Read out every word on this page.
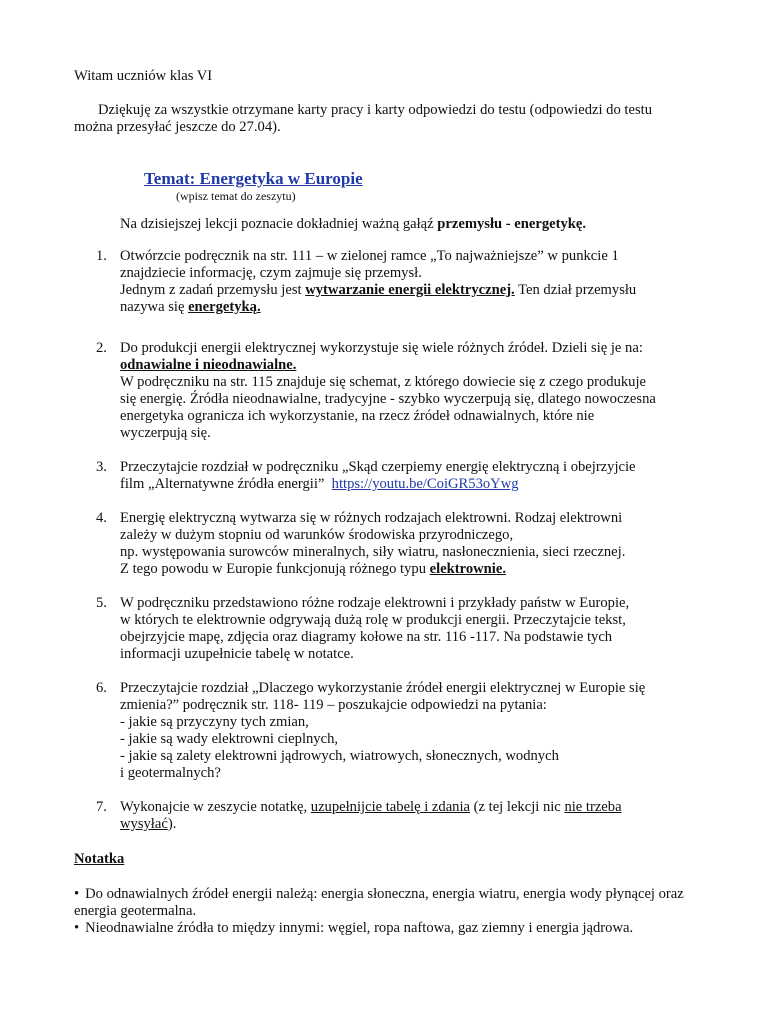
Witam uczniów klas VI
Dziękuję za wszystkie otrzymane karty pracy i karty odpowiedzi do testu (odpowiedzi do testu można przesyłać jeszcze do 27.04).
Temat: Energetyka w Europie
(wpisz temat do zeszytu)
Na dzisiejszej lekcji poznacie dokładniej ważną gałąź przemysłu - energetykę.
1. Otwórzcie podręcznik na str. 111 – w zielonej ramce „To najważniejsze” w punkcie 1
znajdziecie informację, czym zajmuje się przemysł.
Jednym z zadań przemysłu jest wytwarzanie energii elektrycznej. Ten dział przemysłu
nazywa się energetyką.
2. Do produkcji energii elektrycznej wykorzystuje się wiele różnych źródeł. Dzieli się je na:
odnawialne i nieodnawialne.
W podręczniku na str. 115 znajduje się schemat, z którego dowiecie się z czego produkuje
się energię. Źródła nieodnawialne, tradycyjne - szybko wyczerpują się, dlatego nowoczesna
energetyka ogranicza ich wykorzystanie, na rzecz źródeł odnawialnych, które nie
wyczerpują się.
3. Przeczytajcie rozdział w podręczniku „Skąd czerpiemy energię elektryczną i obejrzyjcie
film „Alternatywne źródła energii” https://youtu.be/CoiGR53oYwg
4. Energię elektryczną wytwarza się w różnych rodzajach elektrowni. Rodzaj elektrowni
zależy w dużym stopniu od warunków środowiska przyrodniczego,
np. występowania surowców mineralnych, siły wiatru, nasłonecznienia, sieci rzecznej.
Z tego powodu w Europie funkcjonują różnego typu elektrownie.
5. W podręczniku przedstawiono różne rodzaje elektrowni i przykłady państw w Europie,
w których te elektrownie odgrywają dużą rolę w produkcji energii. Przeczytajcie tekst,
obejrzyjcie mapę, zdjęcia oraz diagramy kołowe na str. 116 -117. Na podstawie tych
informacji uzupełnicie tabelę w notatce.
6. Przeczytajcie rozdział „Dlaczego wykorzystanie źródeł energii elektrycznej w Europie się
zmienia?” podręcznik str. 118- 119 – poszukajcie odpowiedzi na pytania:
- jakie są przyczyny tych zmian,
- jakie są wady elektrowni cieplnych,
- jakie są zalety elektrowni jądrowych, wiatrowych, słonecznych, wodnych
i geotermalnych?
7. Wykonajcie w zeszycie notatkę, uzupełnijcie tabelę i zdania (z tej lekcji nic nie trzeba
wysyłać).
Notatka

• Do odnawialnych źródeł energii należą: energia słoneczna, energia wiatru, energia wody płynącej oraz energia geotermalna.

• Nieodnawialne źródła to między innymi: węgiel, ropa naftowa, gaz ziemny i energia jądrowa.
